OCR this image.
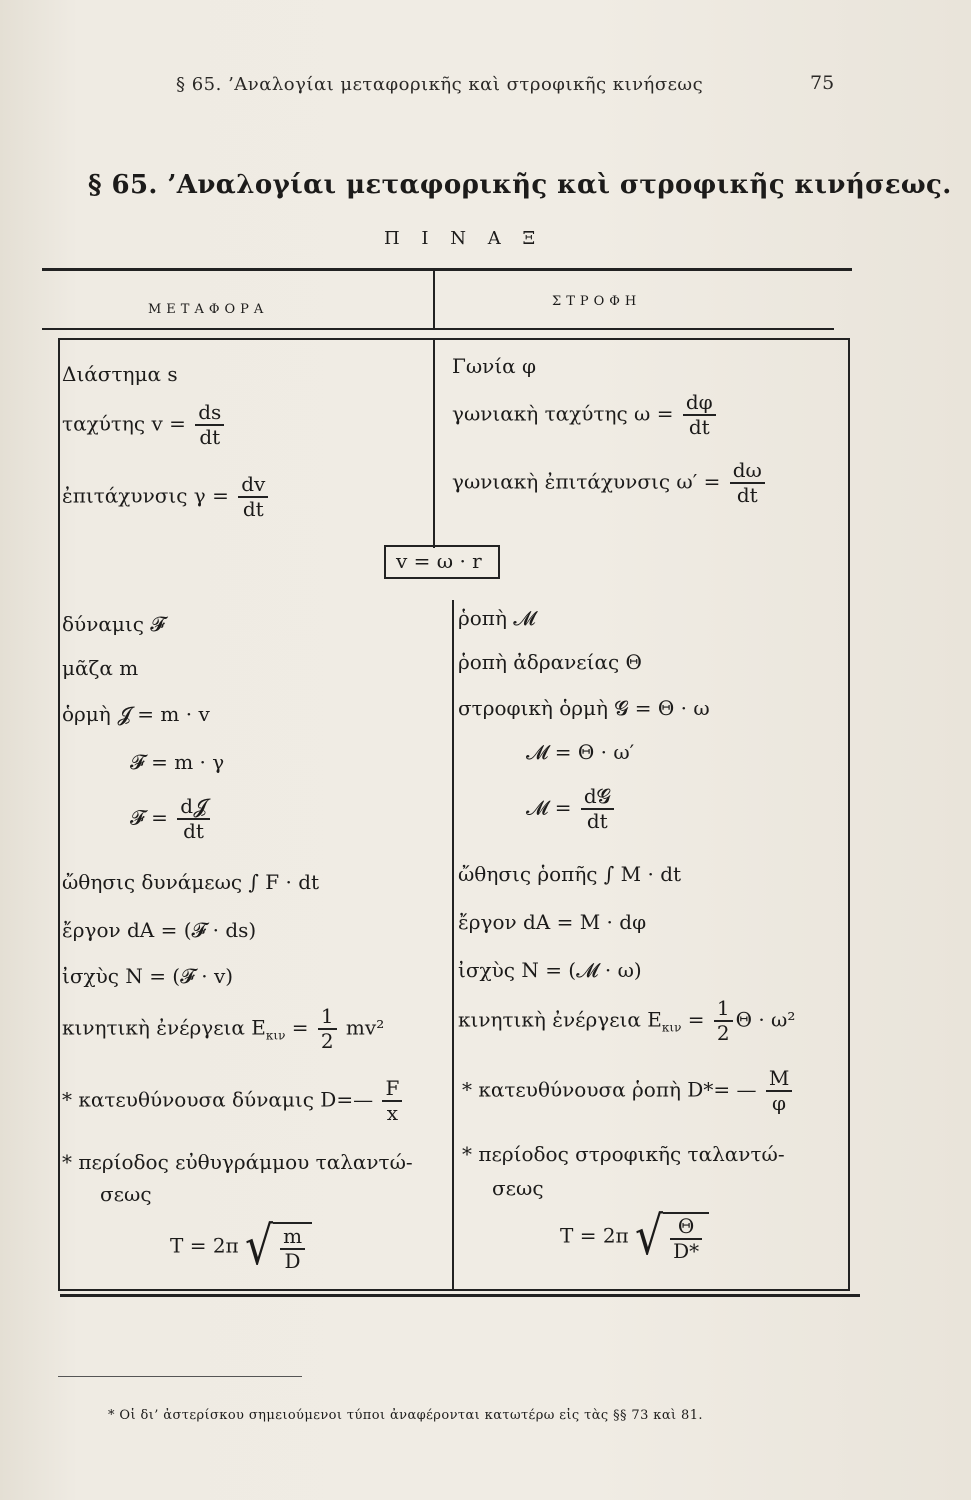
§ 65. ’Αναλογίαι μεταφορικῆς καὶ στροφικῆς κινήσεως	75
§ 65. ’Αναλογίαι μεταφορικῆς καὶ στροφικῆς κινήσεως.
Π Ι Ν Α Ξ
ΜΕΤΑΦΟΡΑ
ΣΤΡΟΦΗ
Διάστημα s
ταχύτης $v = \frac{ds}{dt}$
ἐπιτάχυνσις $\gamma = \frac{dv}{dt}$
Γωνία φ
γωνιακὴ ταχύτης $\omega = \frac{d\varphi}{dt}$
γωνιακὴ ἐπιτάχυνσις $\omega' = \frac{d\omega}{dt}$
v = ω · r
δύναμις 𝓕
μᾶζα m
ὁρμὴ 𝓙 = m · v
𝓕 = m · γ
𝓕 = $\frac{\text{d𝓙}}{dt}$
ὤθησις δυνάμεως ∫ F · dt
ἔργον dA = (𝓕 · ds)
ἰσχὺς N = (𝓕 · v)
κινητικὴ ἐνέργεια $E_{\kappa\iota\nu} = \frac{1}{2} mv^2$
* κατευθύνουσα δύναμις D=— $\frac{F}{x}$
* περίοδος εὐθυγράμμου ταλαντώ-
σεως
T = 2π √ $\frac{m}{D}$
ῥοπὴ 𝓜
ῥοπὴ ἀδρανείας Θ
στροφικὴ ὁρμὴ 𝓖 = Θ · ω
𝓜 = Θ · ω′
𝓜 = $\frac{\text{d𝓖}}{dt}$
ὤθησις ῥοπῆς ∫ M · dt
ἔργον dA = M · dφ
ἰσχὺς N = (𝓜 · ω)
κινητικὴ ἐνέργεια $E_{\kappa\iota\nu} = \frac{1}{2}$ Θ · ω²
* κατευθύνουσα ῥοπὴ D*= — $\frac{M}{\varphi}$
* περίοδος στροφικῆς ταλαντώ-
σεως
T = 2π √ $\frac{\Theta}{D*}$
* Οἱ δι’ ἀστερίσκου σημειούμενοι τύποι ἀναφέρονται κατωτέρω εἰς τὰς §§ 73 καὶ 81.
